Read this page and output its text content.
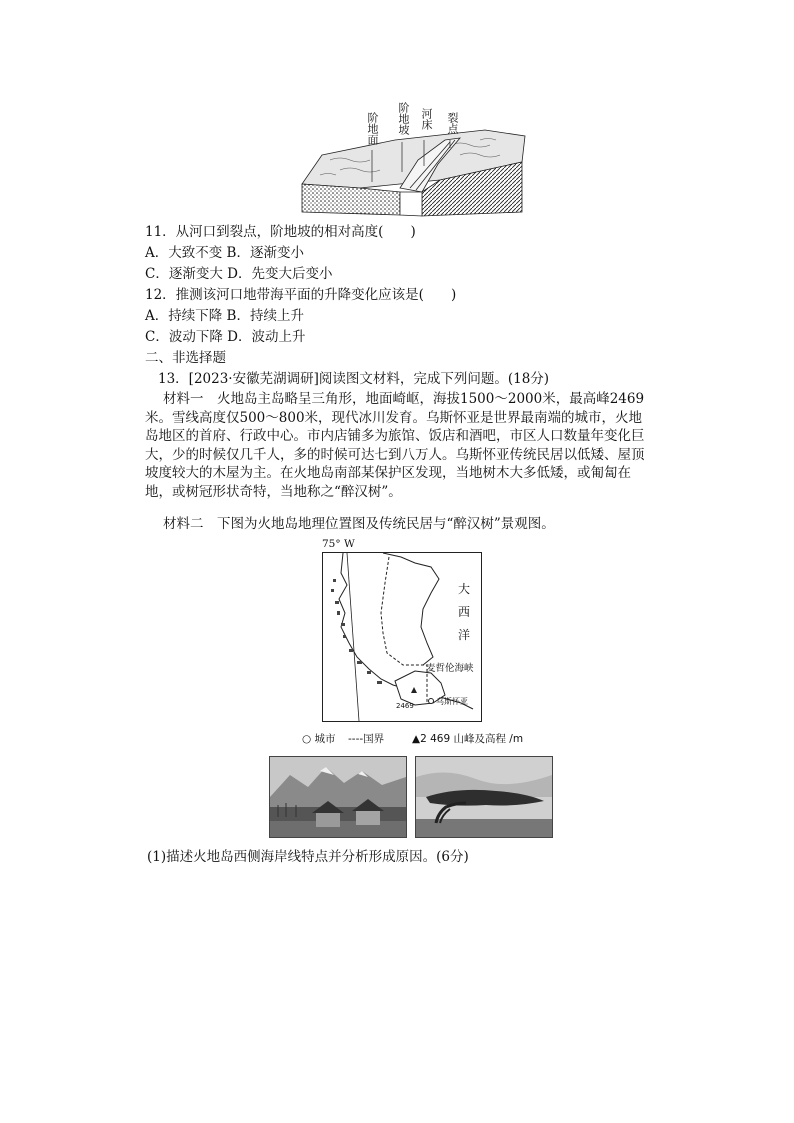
阶地面 阶地坡 河床 裂点
11．从河口到裂点，阶地坡的相对高度(　　)
A．大致不变 B．逐渐变小
C．逐渐变大 D．先变大后变小
12．推测该河口地带海平面的升降变化应该是(　　)
A．持续下降 B．持续上升
C．波动下降 D．波动上升
二、非选择题
13．[2023·安徽芜湖调研]阅读图文材料，完成下列问题。(18分)
材料一　火地岛主岛略呈三角形，地面崎岖，海拔1500～2000米，最高峰2469米。雪线高度仅500～800米，现代冰川发育。乌斯怀亚是世界最南端的城市，火地岛地区的首府、行政中心。市内店铺多为旅馆、饭店和酒吧，市区人口数量年变化巨大，少的时候仅几千人，多的时候可达七到八万人。乌斯怀亚传统民居以低矮、屋顶坡度较大的木屋为主。在火地岛南部某保护区发现，当地树木大多低矮，或匍匐在地，或树冠形状奇特，当地称之“醉汉树”。
材料二　下图为火地岛地理位置图及传统民居与“醉汉树”景观图。
75° W
大
西
洋
麦哲伦海峡
乌斯怀亚
2469
○ 城市 ----国界	▲2 469 山峰及高程 /m
(1)描述火地岛西侧海岸线特点并分析形成原因。(6分)
